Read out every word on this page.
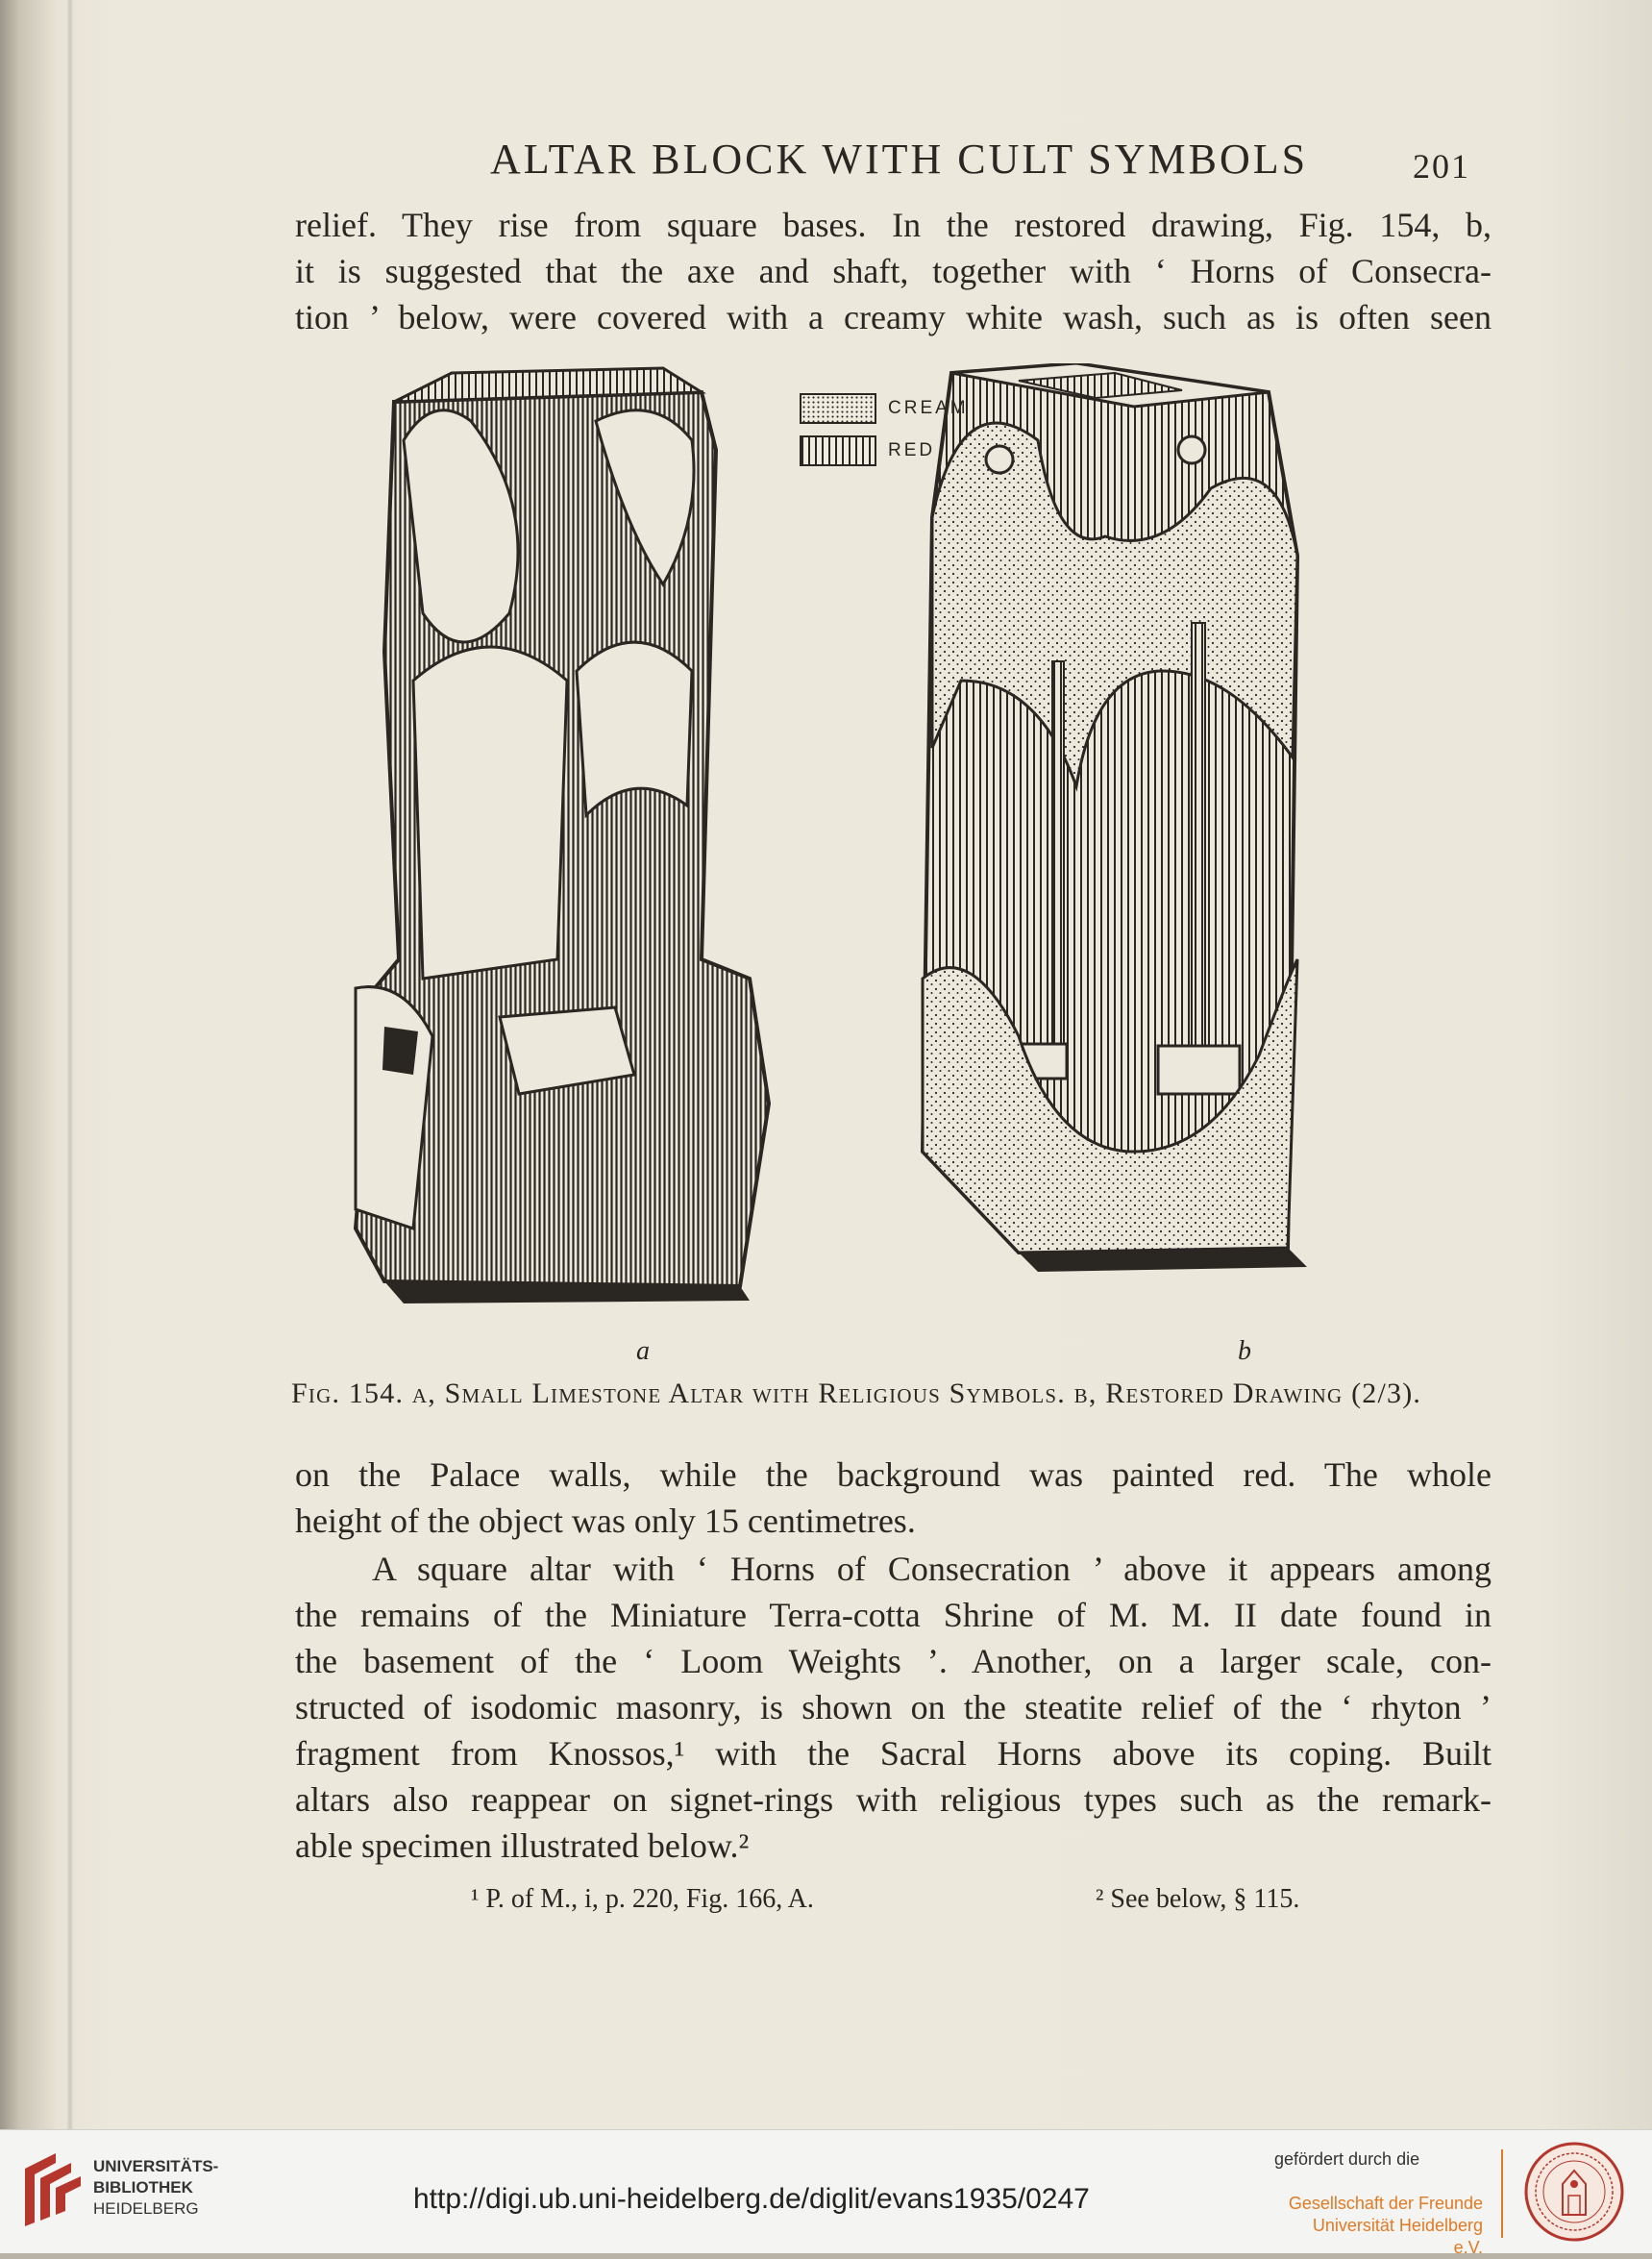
ALTAR BLOCK WITH CULT SYMBOLS	201
relief. They rise from square bases. In the restored drawing, Fig. 154, b,
it is suggested that the axe and shaft, together with ‘ Horns of Consecra-
tion ’ below, were covered with a creamy white wash, such as is often seen
CREAM
RED
a	b
Fig. 154. a, Small Limestone Altar with Religious Symbols. b, Restored Drawing (2/3).
on the Palace walls, while the background was painted red. The whole
height of the object was only 15 centimetres.
A square altar with ‘ Horns of Consecration ’ above it appears among
the remains of the Miniature Terra-cotta Shrine of M. M. II date found in
the basement of the ‘ Loom Weights ’. Another, on a larger scale, con-
structed of isodomic masonry, is shown on the steatite relief of the ‘ rhyton ’
fragment from Knossos,¹ with the Sacral Horns above its coping. Built
altars also reappear on signet-rings with religious types such as the remark-
able specimen illustrated below.²
¹ P. of M., i, p. 220, Fig. 166, A.	² See below, § 115.
UNIVERSITÄTS-
BIBLIOTHEK
HEIDELBERG	http://digi.ub.uni-heidelberg.de/diglit/evans1935/0247
gefördert durch die
Gesellschaft der Freunde
Universität Heidelberg e.V.
